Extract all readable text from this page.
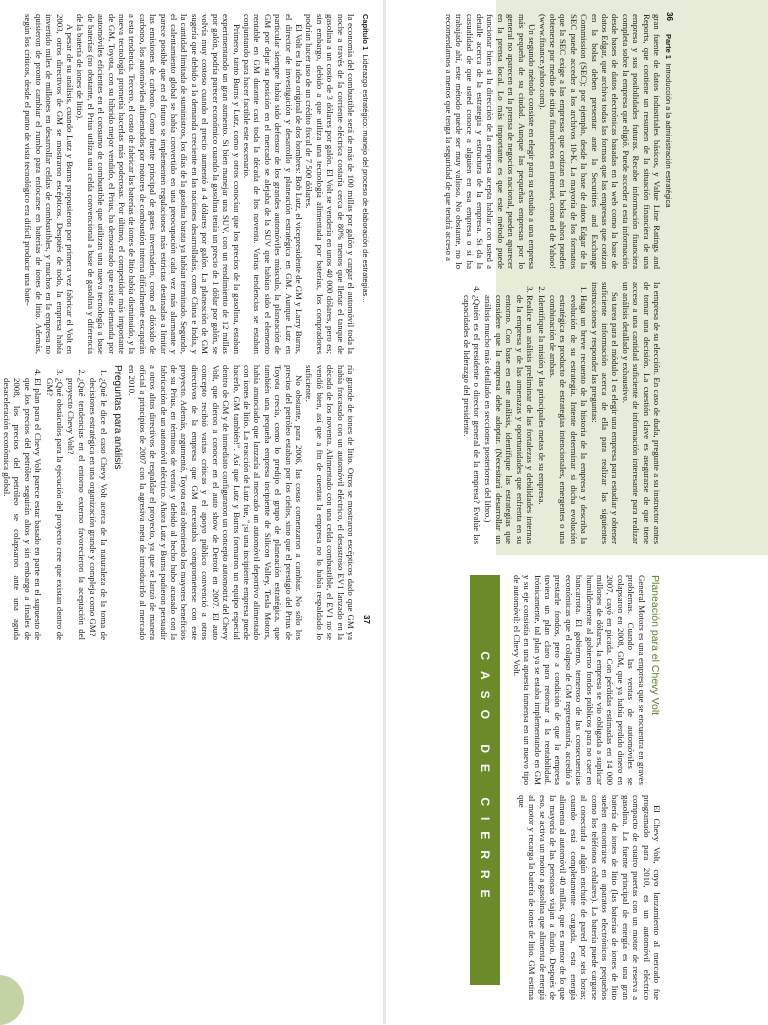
36
Parte 1  Introducción a la administración estratégica

gran fuente de datos industriales básicos, y Value Line Ratings and Reports, que contiene un resumen de la situación financiera de una empresa y sus posibilidades futuras. Recabe información financiera completa sobre la empresa que eligió. Puede acceder a esta información desde bases de datos electrónicas basadas en la web como la base de datos Edgar, que archiva todas las formas que las empresas que cotizan en la bolsa deben presentar ante la Securities and Exchange Commission (SEC); por ejemplo, desde la base de datos Edgar de la SEC puede acceder a los archivos 10-K. La mayoría de los formatos que la SEC exige a las empresas que cotizan en la bolsa ahora pueden obtenerse por medio de sitios financieros en internet, como el de Yahoo! (www.finance.yahoo.com).

Un segundo método consiste en elegir para su estudio a una empresa más pequeña de su ciudad. Aunque las pequeñas empresas por lo general no aparecen en la prensa de negocios nacional, pueden aparecer en la prensa local. Lo más importante es que este método puede funcionar bien si la dirección de la empresa acepta hablar con usted a detalle acerca de la estrategia y estructura de la empresa. Si da la casualidad de que usted conoce a alguien en esa empresa o si ha trabajado ahí, este método puede ser muy valioso. No obstante, no lo recomendamos a menos que tenga la seguridad de que tendrá acceso a

la empresa de su elección. En caso de duda, pregunte a su instructor antes de tomar una decisión. La cuestión clave es asegurarse de que tiene acceso a una cantidad suficiente de información interesante para realizar un análisis detallado y exhaustivo.

Su tarea para el módulo 1 es elegir una empresa para estudiar y obtener suficiente información acerca de ella para realizar las siguientes instrucciones y responder las preguntas:

1. Haga un breve recuento de la historia de la empresa y describa la evolución de su estrategia. Intente determinar si dicha evolución estratégica es producto de estrategias intencionales, emergentes o una combinación de ambas.
2. Identifique la misión y las principales metas de su empresa.
3. Realice un análisis preliminar de las fortalezas y debilidades internas de la empresa y de las amenazas y oportunidades que enfrenta en su entorno. Con base en este análisis, identifique las estrategias que considere que la empresa debe adoptar. (Necesitará desarrollar un análisis mucho más detallado en secciones posteriores del libro.)
4. ¿Quién es el presidente o director general de la empresa? Evalúe las capacidades de liderazgo del presidente.
CASO DE CIERRE
Planeación para el Chevy Volt

General Motors es una empresa que se encuentra en graves problemas. Cuando las ventas de automóviles se colapsaron en 2008, GM, que ya había perdido dinero en 2007, cayó en picada. Con pérdidas estimadas en 14 000 millones de dólares, la empresa se vio obligada a suplicar humildemente al gobierno fondos públicos para no caer en bancarrota. El gobierno, temeroso de las consecuencias económicas que el colapso de GM representaría, accedió a prestarle fondos, pero a condición de que la empresa tuviera un plan claro para retornar a la rentabilidad. Irónicamente, tal plan ya se estaba implementando en GM y su eje consistía en una apuesta inmensa en un nuevo tipo de automóvil: el Chevy Volt.

El Chevy Volt, cuyo lanzamiento al mercado fue programado para 2010, es un automóvil eléctrico compacto de cuatro puertas con un motor de reserva a gasolina. La fuente principal de energía es una gran batería de iones de litio (las baterías de iones de litio suelen encontrarse en aparatos electrónicos pequeños como los teléfonos celulares). La batería puede cargarse al conectarla a algún enchufe de pared por seis horas; cuando está completamente cargada, esta energía alimenta al automóvil 40 millas, que es menor de lo que la mayoría de las personas viajan a diario. Después de eso, se activa un motor a gasolina que alimenta de energía al motor y recarga la batería de iones de litio. GM estima que

Capítulo 1  Liderazgo estratégico: manejo del proceso de elaboración de estrategias...
37

la economía del combustible será de más de 100 millas por galón y cargar el automóvil toda la noche a través de la corriente eléctrica costaría cerca de 80% menos que llenar el tanque de gasolina a un costo de 3 dólares por galón. El Volt se vendería en unos 40 000 dólares, pero es; sin embargo, debido a que utiliza una tecnología alimentada por baterías, los compradores podrían hacer uso de un crédito fiscal de 7 500 dólares.

El Volt es la idea original de dos hombres: Bob Lutz, el vicepresidente de GM y Larry Burns, el director de investigación y desarrollo y planeación estratégica en GM. Aunque Lutz en particular siempre había sido defensor de los grandes automóviles músculo, la planeación de GM por dejar su posición en el mercado se alejaba de la SUV que habían sido el elemento rentable en GM durante casi toda la década de los noventa. Varias tendencias se estaban conjuntando para hacer factible este escenario.

Primero, tanto Burns y Lutz, como y otros conocían que los precios de la gasolina, estaban experimentando un gran aumento. Si bien manejar una SUV, con un rendimiento de 12 millas por galón, podría parecer económico cuando la gasolina tenía un precio de 1 dólar por galón, se volvía muy costoso cuando el precio aumentó a 4 dólares por galón. La planeación de GM sugería que debido a la demanda creciente en las naciones desarrolladas, como China e India, y la cantidad limitada de suministros, los días de la gasolina barata ya habían terminado. Segundo, el calentamiento global se había convertido en una preocupación cada vez más alarmante y parece posible que en el futuro se implementen regulaciones más estrictas destinadas a limitar las emisiones de carbono. Como fuente principal de gases invernadero, como el dióxido de carbono, los automóviles alimentados por motores de combustión interna difícilmente escaparán a esta tendencia. Tercero, el costo de fabricar las baterías de iones de litio había disminuido, y la nueva tecnología prometía hacerlas más poderosas. Por último, el competidor más importante de GM, Toyota, con su híbrido mejor vendido, el Prius, ha demostrado que existe demanda por automóviles eficientes en el consumo de combustible que utilizan una nueva tecnología a base de baterías (no obstante, el Prius utiliza una celda convencional a base de gasolina y diferencia de la batería de iones de litio).

A pesar de su análisis, cuando Lutz y Burns propusieron por primera vez fabricar el Volt en 2003, otros directivos de GM se mostraron escépticos. Después de todo, la empresa había invertido miles de millones en desarrollar celdas de combustibles, y muchos en la empresa no quisieron de pronto cambiar el rumbo para enfocarse en baterías de iones de litio. Además, según los críticos, desde el punto de vista tecnológico era difícil producir una bate-

ría grande de iones de litio. Otros se mostraron escépticos dado que GM ya había fracasado con un automóvil eléctrico, el desastroso EV1 lanzado en la década de los noventa. Alimentado con una celda combustible, el EV1 no se vendió bien, así que a fin de cuentas la empresa no lo había respaldado lo suficiente.

No obstante, para 2006, las cosas comenzaron a cambiar. No sólo los precios del petróleo estaban por los cielos, sino que el prestigio del Prius de Toyota crecía, como lo predijo el grupo de planeación estratégica, que también una pequeña empresa incipiente de Silicon Valley, Tesla Motors, había anunciado que lanzaría al mercado un automóvil deportivo alimentado con iones de litio. La reacción de Lutz fue, "¡si una incipiente empresa puede hacerlo, GM también!". Así que Lutz y Burns formaron un equipo especial dentro de GM y de inmediato configuraron un concepto automotriz del Chevy Volt, que dieron a conocer en el auto show de Detroit en 2007. El auto concepto recibió varias críticas y el apoyo público convenció a otros directivos de la empresa que GM necesitaba comprometerse con este proyecto. Además, argumentó, Toyota está obteniendo los mayores beneficios de su Prius, en términos de ventas y debido al hecho hubo acusado con la fabricación de un automóvil eléctrico. Ahora Lutz y Burns pudieron persuadir a otros altos directivos de respaldar el proyecto, ya que se lanzó de manera oficial a principios de 2007 con la agresiva meta de introducirlo al mercado en 2010.

Preguntas para análisis
1. ¿Qué le dice el caso Chevy Volt acerca de la naturaleza de la toma de decisiones estratégica en una organización grande y compleja como GM?
2. ¿Qué tendencias en el entorno externo favorecieron la aceptación del proyecto Chevy Volt?
3. ¿Qué obstáculos para la ejecución del proyecto cree que existan dentro de GM?
4. El plan para el Chevy Volt parece estar basado en parte en el supuesto de que los precios del petróleo seguirán altos y sin embargo a finales de 2008, los precios del petróleo se colapsaron ante una aguda desaceleración económica global.
a.
